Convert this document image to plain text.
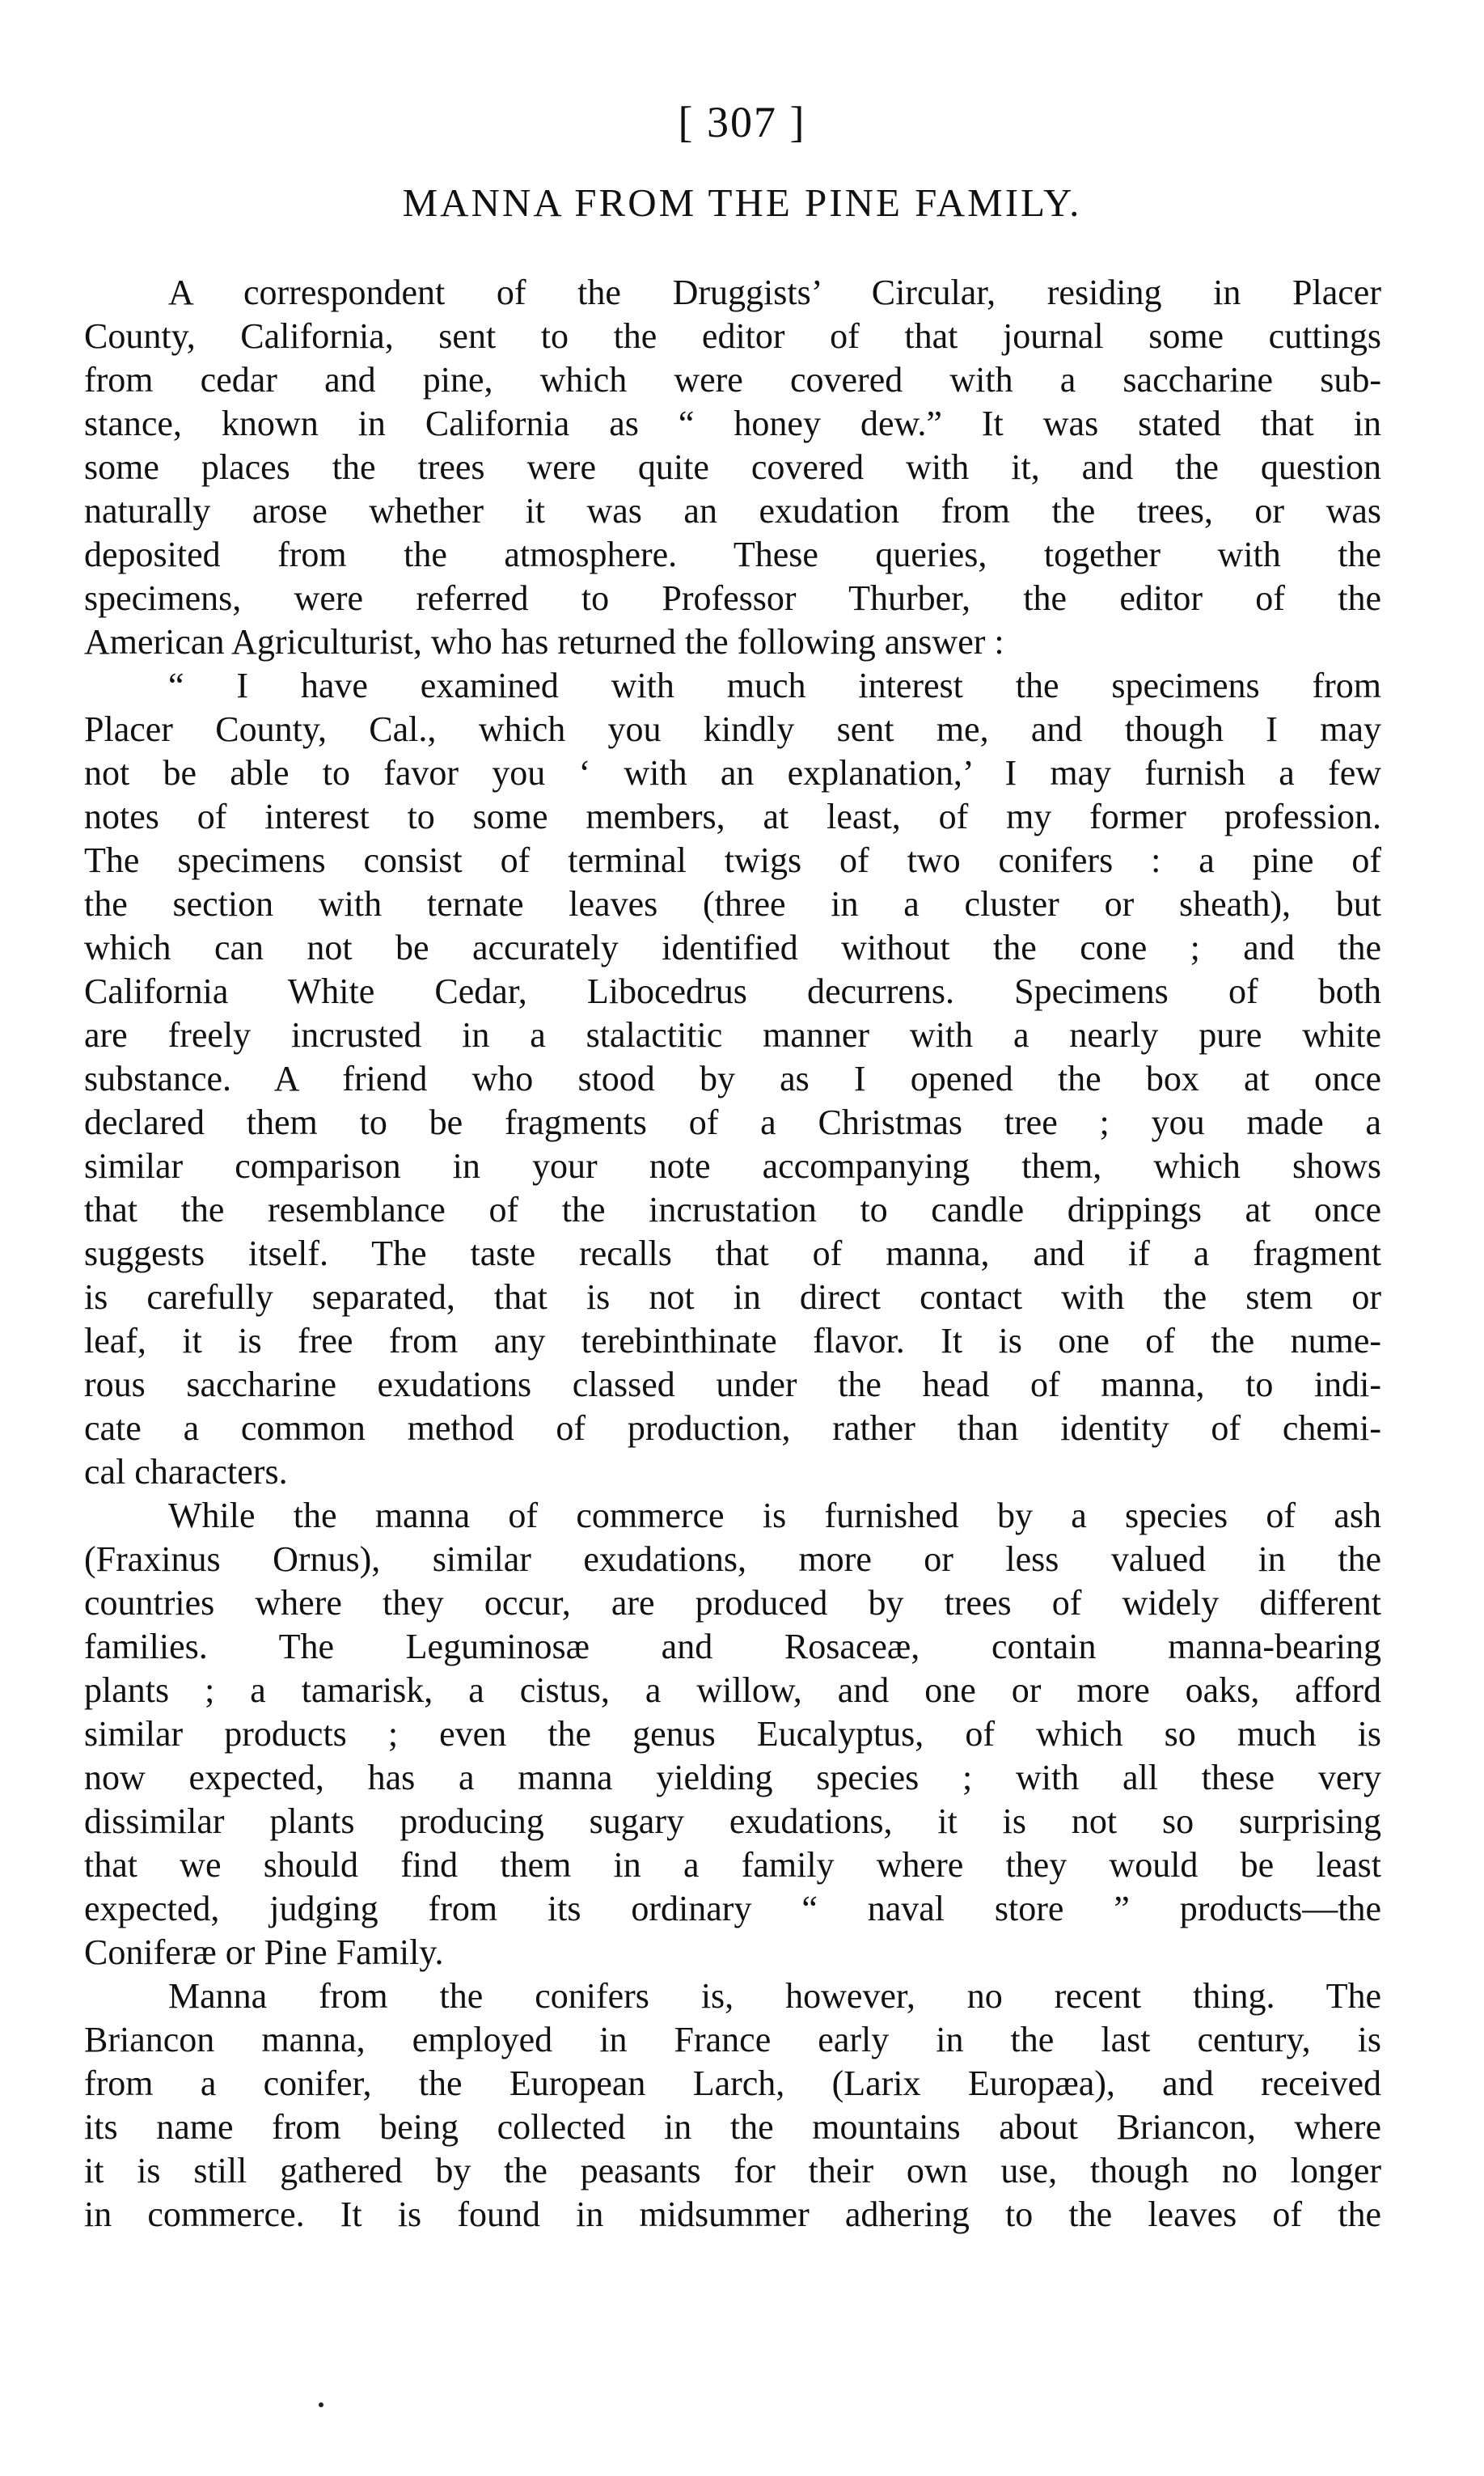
[ 307 ]
MANNA FROM THE PINE FAMILY.
A correspondent of the Druggists’ Circular, residing in Placer
County, California, sent to the editor of that journal some cuttings
from cedar and pine, which were covered with a saccharine sub-
stance, known in California as “ honey dew.” It was stated that in
some places the trees were quite covered with it, and the question
naturally arose whether it was an exudation from the trees, or was
deposited from the atmosphere. These queries, together with the
specimens, were referred to Professor Thurber, the editor of the
American Agriculturist, who has returned the following answer :
“ I have examined with much interest the specimens from
Placer County, Cal., which you kindly sent me, and though I may
not be able to favor you ‘ with an explanation,’ I may furnish a few
notes of interest to some members, at least, of my former profession.
The specimens consist of terminal twigs of two conifers : a pine of
the section with ternate leaves (three in a cluster or sheath), but
which can not be accurately identified without the cone ; and the
California White Cedar, Libocedrus decurrens. Specimens of both
are freely incrusted in a stalactitic manner with a nearly pure white
substance. A friend who stood by as I opened the box at once
declared them to be fragments of a Christmas tree ; you made a
similar comparison in your note accompanying them, which shows
that the resemblance of the incrustation to candle drippings at once
suggests itself. The taste recalls that of manna, and if a fragment
is carefully separated, that is not in direct contact with the stem or
leaf, it is free from any terebinthinate flavor. It is one of the nume-
rous saccharine exudations classed under the head of manna, to indi-
cate a common method of production, rather than identity of chemi-
cal characters.
While the manna of commerce is furnished by a species of ash
(Fraxinus Ornus), similar exudations, more or less valued in the
countries where they occur, are produced by trees of widely different
families. The Leguminosæ and Rosaceæ, contain manna-bearing
plants ; a tamarisk, a cistus, a willow, and one or more oaks, afford
similar products ; even the genus Eucalyptus, of which so much is
now expected, has a manna yielding species ; with all these very
dissimilar plants producing sugary exudations, it is not so surprising
that we should find them in a family where they would be least
expected, judging from its ordinary “ naval store ” products—the
Coniferæ or Pine Family.
Manna from the conifers is, however, no recent thing. The
Briancon manna, employed in France early in the last century, is
from a conifer, the European Larch, (Larix Europæa), and received
its name from being collected in the mountains about Briancon, where
it is still gathered by the peasants for their own use, though no longer
in commerce. It is found in midsummer adhering to the leaves of the
